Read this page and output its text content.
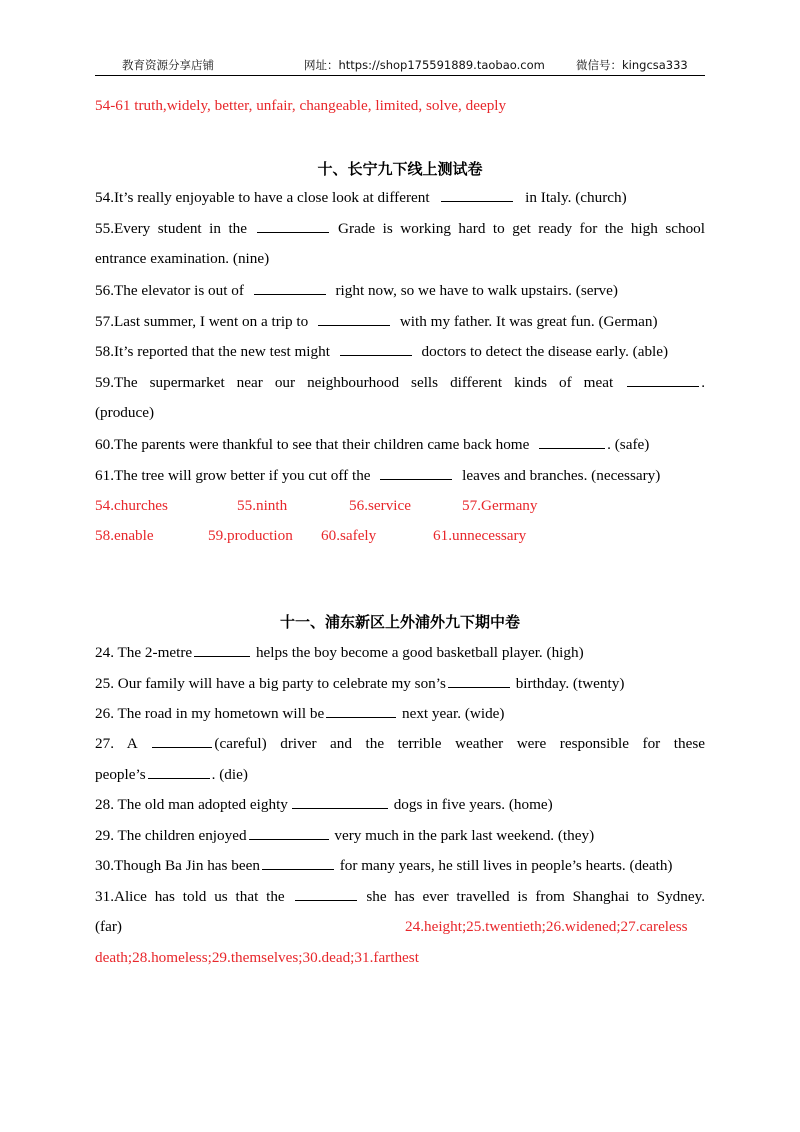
教育资源分享店铺	网址：https://shop175591889.taobao.com	微信号：kingcsa333
54-61 truth,widely, better, unfair, changeable, limited, solve, deeply
十、长宁九下线上测试卷
54.It’s really enjoyable to have a close look at different	in Italy. (church)
55.Every student in the	Grade is working hard to get ready for the high school
entrance examination. (nine)
56.The elevator is out of	right now, so we have to walk upstairs. (serve)
57.Last summer, I went on a trip to	with my father. It was great fun. (German)
58.It’s reported that the new test might	doctors to detect the disease early. (able)
59.The supermarket near our neighbourhood sells different kinds of meat	.
(produce)
60.The parents were thankful to see that their children came back home	. (safe)
61.The tree will grow better if you cut off the	leaves and branches. (necessary)
54.churches	55.ninth	56.service	57.Germany
58.enable	59.production 60.safely	61.unnecessary
十一、浦东新区上外浦外九下期中卷
24. The 2-metre	helps the boy become a good basketball player. (high)
25. Our family will have a big party to celebrate my son’s	birthday. (twenty)
26. The road in my hometown will be	next year. (wide)
27. A	(careful) driver and the terrible weather were responsible for these
people’s	. (die)
28. The old man adopted eighty	dogs in five years. (home)
29. The children enjoyed	very much in the park last weekend. (they)
30.Though Ba Jin has been	for many years, he still lives in people’s hearts. (death)
31.Alice has told us that the	she has ever travelled is from Shanghai to Sydney.
(far)	24.height;25.twentieth;26.widened;27.careless
death;28.homeless;29.themselves;30.dead;31.farthest
